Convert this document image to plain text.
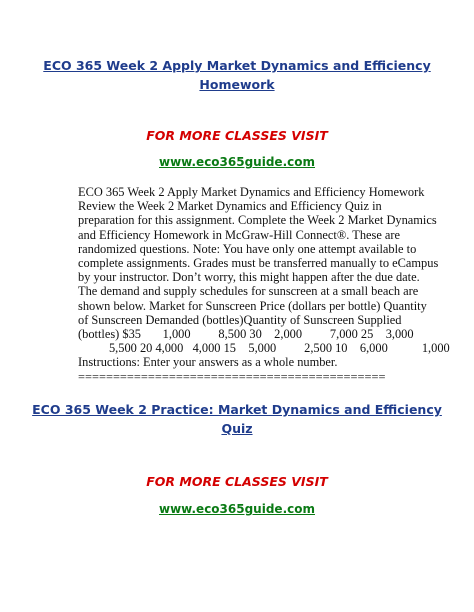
ECO 365 Week 2 Apply Market Dynamics and Efficiency
Homework
FOR MORE CLASSES VISIT
www.eco365guide.com
ECO 365 Week 2 Apply Market Dynamics and Efficiency Homework
Review the Week 2 Market Dynamics and Efficiency Quiz in
preparation for this assignment. Complete the Week 2 Market Dynamics
and Efficiency Homework in McGraw-Hill Connect®. These are
randomized questions. Note: You have only one attempt available to
complete assignments. Grades must be transferred manually to eCampus
by your instructor. Don’t worry, this might happen after the due date.
The demand and supply schedules for sunscreen at a small beach are
shown below. Market for Sunscreen Price (dollars per bottle) Quantity
of Sunscreen Demanded (bottles)Quantity of Sunscreen Supplied
(bottles) $35       1,000         8,500 30    2,000         7,000 25    3,000
5,500 20 4,000   4,000 15    5,000         2,500 10    6,000           1,000
Instructions: Enter your answers as a whole number.
============================================
ECO 365 Week 2 Practice: Market Dynamics and Efficiency
Quiz
FOR MORE CLASSES VISIT
www.eco365guide.com
